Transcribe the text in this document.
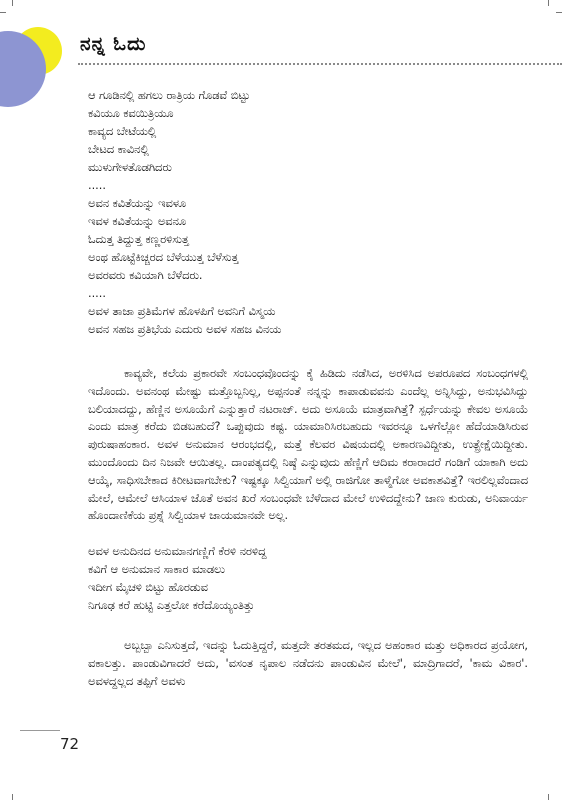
ನನ್ನ ಓದು
ಆ ಗೂಡಿನಲ್ಲಿ ಹಗಲು ರಾತ್ರಿಯ ಗೊಡವೆ ಬಿಟ್ಟು
ಕವಿಯೂ ಕವಯಿತ್ರಿಯೂ
ಕಾವ್ಯದ ಬೇಟೆಯಲ್ಲಿ
ಬೇಟದ ಕಾವಿನಲ್ಲಿ
ಮುಳುಗೇಳತೊಡಗಿದರು
.....
ಅವನ ಕವಿತೆಯನ್ನು ಇವಳೂ
ಇವಳ ಕವಿತೆಯನ್ನು ಅವನೂ
ಓದುತ್ತ ತಿದ್ದುತ್ತ ಕಣ್ಣರಳಿಸುತ್ತ
ಅಂಥ ಹೊಟ್ಟೆಕಿಚ್ಚರದ ಬೆಳೆಯುತ್ತ ಬೆಳೆಸುತ್ತ
ಅವರವರು ಕವಿಯಾಗಿ ಬೆಳೆದರು.
.....
ಅವಳ ತಾಜಾ ಪ್ರತಿಮೆಗಳ ಹೊಳಪಿಗೆ ಅವನಿಗೆ ವಿಸ್ಮಯ
ಅವನ ಸಹಜ ಪ್ರತಿಭೆಯ ಎದುರು ಅವಳ ಸಹಜ ವಿನಯ

ಕಾವ್ಯವೇ, ಕಲೆಯ ಪ್ರಕಾರವೇ ಸಂಬಂಧವೊಂದನ್ನು ಕೈ ಹಿಡಿದು ನಡೆಸಿದ, ಅರಳಿಸಿದ ಅಪರೂಪದ ಸಂಬಂಧಗಳಲ್ಲಿ ಇದೊಂದು. ಅವನಂಥ ಮೇಷ್ಟು ಮತ್ತೊಬ್ಬನಿಲ್ಲ, ಅಪ್ಪನಂತೆ ನನ್ನನ್ನು ಕಾಪಾಡುವವನು ಎಂದೆಲ್ಲ ಅನ್ನಿಸಿದ್ದು, ಅನುಭವಿಸಿದ್ದು ಬಲಿಯಾದದ್ದು, ಹೆಣ್ಣಿನ ಅಸೂಯೆಗೆ ಎನ್ನುತ್ತಾರೆ ನಟರಾಜ್. ಅದು ಅಸೂಯೆ ಮಾತ್ರವಾಗಿತ್ತೆ? ಸ್ಪರ್ಧೆಯನ್ನು ಕೇವಲ ಅಸೂಯೆ ಎಂದು ಮಾತ್ರ ಕರೆದು ಬಿಡಬಹುದೆ? ಒಪ್ಪುವುದು ಕಷ್ಟ. ಯಾಮಾರಿಸಿರಬಹುದು ಇವರನ್ನೂ ಒಳಗೆಲ್ಲೋ ಹೆದೆಯಾಡಿಸಿರುವ ಪುರುಷಾಹಂಕಾರ. ಅವಳ ಅನುಮಾನ ಆರಂಭದಲ್ಲಿ, ಮತ್ತೆ ಕೆಲವರ ವಿಷಯದಲ್ಲಿ ಅಕಾರಣವಿದ್ದೀತು, ಉತ್ಪ್ರೇಕ್ಷೆಯಿದ್ದೀತು. ಮುಂದೊಂದು ದಿನ ನಿಜವೇ ಆಯಿತಲ್ಲ. ದಾಂಪತ್ಯದಲ್ಲಿ ನಿಷ್ಠೆ ಎನ್ನುವುದು ಹೆಣ್ಣಿಗೆ ಆದಿಮ ಕರಾರಾದರೆ ಗಂಡಿಗೆ ಯಾಕಾಗಿ ಅದು ಆಯ್ಕೆ, ಸಾಧಿಸಬೇಕಾದ ಕಿರೀಟವಾಗಬೇಕು? ಇಷ್ಟಕ್ಕೂ ಸಿಲ್ವಿಯಾಗೆ ಅಲ್ಲಿ ರಾಜಿಗೋ ತಾಳ್ಮೆಗೋ ಅವಕಾಶವಿತ್ತೆ? ಇರಲಿಲ್ಲವೆಂದಾದ ಮೇಲೆ, ಆಮೇಲೆ ಆಸಿಯಾಳ ಜೊತೆ ಅವನ ಖರೆ ಸಂಬಂಧವೇ ಬೆಳೆದಾದ ಮೇಲೆ ಉಳಿದದ್ದೇನು? ಜಾಣ ಕುರುಡು, ಅನಿವಾರ್ಯ ಹೊಂದಾಣಿಕೆಯ ಪ್ರಶ್ನೆ ಸಿಲ್ವಿಯಾಳ ಜಾಯಮಾನವೇ ಅಲ್ಲ.

ಅವಳ ಅನುದಿನದ ಅನುಮಾನಗಣ್ಣಿಗೆ ಕೆರಳಿ ನರಳಿದ್ದ
ಕವಿಗೆ ಆ ಅನುಮಾನ ಸಾಕಾರ ಮಾಡಲು
ಇದೀಗ ಮೈಚಳಿ ಬಿಟ್ಟು ಹೊರಡುವ
ನಿಗೂಢ ಕರೆ ಹುಟ್ಟಿ ಎತ್ತಲೋ ಕರೆದೊಯ್ಯಂತಿತ್ತು

ಅಬ್ಬಬ್ಬಾ ಎನಿಸುತ್ತದೆ, ಇದನ್ನು ಓದುತ್ತಿದ್ದರೆ, ಮತ್ತದೇ ತರತಮದ, ಇಲ್ಲದ ಅಹಂಕಾರ ಮತ್ತು ಅಧಿಕಾರದ ಪ್ರಯೋಗ, ವಕಾಲತ್ತು. ಪಾಂಡುವಿಗಾದರೆ ಅದು, 'ವಸಂತ ನೃಪಾಲ ನಡೆದನು ಪಾಂಡುವಿನ ಮೇಲೆ', ಮಾದ್ರಿಗಾದರೆ, 'ಕಾಮ ವಿಕಾರ'. ಅವಳದ್ದಲ್ಲದ ತಪ್ಪಿಗೆ ಅವಳು

72
